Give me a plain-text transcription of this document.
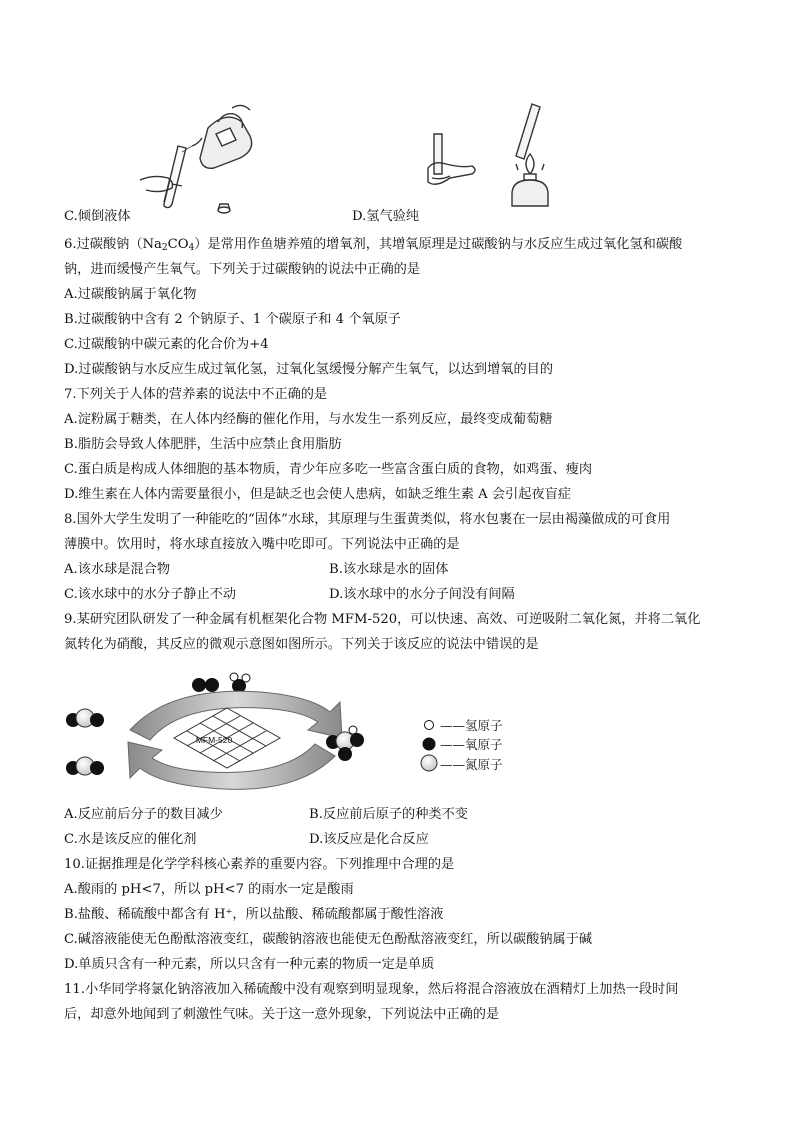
C.倾倒液体	D.氢气验纯
6.过碳酸钠$(Na_2CO_4)$是常用作鱼塘养殖的增氧剂，其增氧原理是过碳酸钠与水反应生成过氧化氢和碳酸
钠，进而缓慢产生氧气。下列关于过碳酸钠的说法中正确的是
A.过碳酸钠属于氧化物
B.过碳酸钠中含有 2 个钠原子、1 个碳原子和 4 个氧原子
C.过碳酸钠中碳元素的化合价为+4
D.过碳酸钠与水反应生成过氧化氢，过氧化氢缓慢分解产生氧气，以达到增氧的目的
7.下列关于人体的营养素的说法中不正确的是
A.淀粉属于糖类，在人体内经酶的催化作用，与水发生一系列反应，最终变成葡萄糖
B.脂肪会导致人体肥胖，生活中应禁止食用脂肪
C.蛋白质是构成人体细胞的基本物质，青少年应多吃一些富含蛋白质的食物，如鸡蛋、瘦肉
D.维生素在人体内需要量很小，但是缺乏也会使人患病，如缺乏维生素 A 会引起夜盲症
8.国外大学生发明了一种能吃的“固体”水球，其原理与生蛋黄类似，将水包裹在一层由褐藻做成的可食用
薄膜中。饮用时，将水球直接放入嘴中吃即可。下列说法中正确的是
A.该水球是混合物	B.该水球是水的固体
C.该水球中的水分子静止不动	D.该水球中的水分子间没有间隔
9.某研究团队研发了一种金属有机框架化合物 MFM-520，可以快速、高效、可逆吸附二氧化氮，并将二氧化
氮转化为硝酸，其反应的微观示意图如图所示。下列关于该反应的说法中错误的是
MFM-520
——氢原子
——氧原子
——氮原子
A.反应前后分子的数目减少	B.反应前后原子的种类不变
C.水是该反应的催化剂	D.该反应是化合反应
10.证据推理是化学学科核心素养的重要内容。下列推理中合理的是
A.酸雨的 pH<7，所以 pH<7 的雨水一定是酸雨
B.盐酸、稀硫酸中都含有 H⁺，所以盐酸、稀硫酸都属于酸性溶液
C.碱溶液能使无色酚酞溶液变红，碳酸钠溶液也能使无色酚酞溶液变红，所以碳酸钠属于碱
D.单质只含有一种元素，所以只含有一种元素的物质一定是单质
11.小华同学将氯化钠溶液加入稀硫酸中没有观察到明显现象，然后将混合溶液放在酒精灯上加热一段时间
后，却意外地闻到了刺激性气味。关于这一意外现象，下列说法中正确的是
